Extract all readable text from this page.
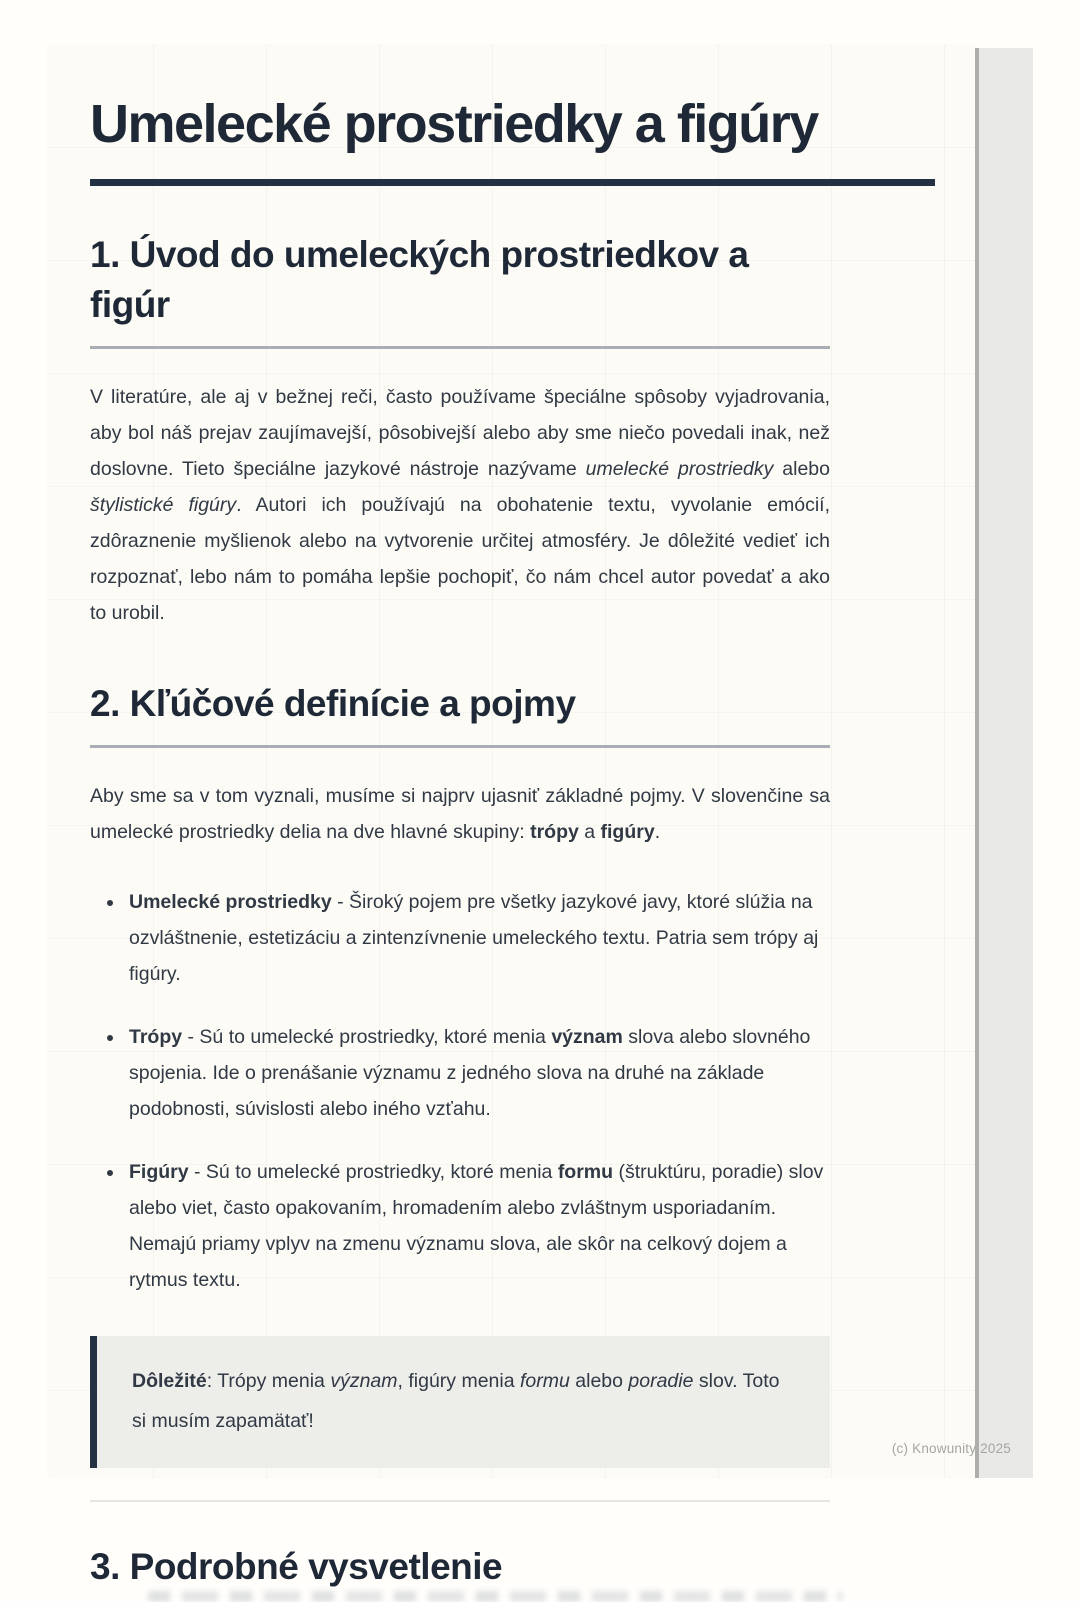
Umelecké prostriedky a figúry
1. Úvod do umeleckých prostriedkov a figúr

V literatúre, ale aj v bežnej reči, často používame špeciálne spôsoby vyjadrovania, aby bol náš prejav zaujímavejší, pôsobivejší alebo aby sme niečo povedali inak, než doslovne. Tieto špeciálne jazykové nástroje nazývame umelecké prostriedky alebo štylistické figúry. Autori ich používajú na obohatenie textu, vyvolanie emócií, zdôraznenie myšlienok alebo na vytvorenie určitej atmosféry. Je dôležité vedieť ich rozpoznať, lebo nám to pomáha lepšie pochopiť, čo nám chcel autor povedať a ako to urobil.

2. Kľúčové definície a pojmy

Aby sme sa v tom vyznali, musíme si najprv ujasniť základné pojmy. V slovenčine sa umelecké prostriedky delia na dve hlavné skupiny: trópy a figúry.

• Umelecké prostriedky - Široký pojem pre všetky jazykové javy, ktoré slúžia na ozvláštnenie, estetizáciu a zintenzívnenie umeleckého textu. Patria sem trópy aj figúry.
• Trópy - Sú to umelecké prostriedky, ktoré menia význam slova alebo slovného spojenia. Ide o prenášanie významu z jedného slova na druhé na základe podobnosti, súvislosti alebo iného vzťahu.
• Figúry - Sú to umelecké prostriedky, ktoré menia formu (štruktúru, poradie) slov alebo viet, často opakovaním, hromadením alebo zvláštnym usporiadaním. Nemajú priamy vplyv na zmenu významu slova, ale skôr na celkový dojem a rytmus textu.
Dôležité: Trópy menia význam, figúry menia formu alebo poradie slov. Toto si musím zapamätať!
3. Podrobné vysvetlenie
(c) Knowunity 2025
